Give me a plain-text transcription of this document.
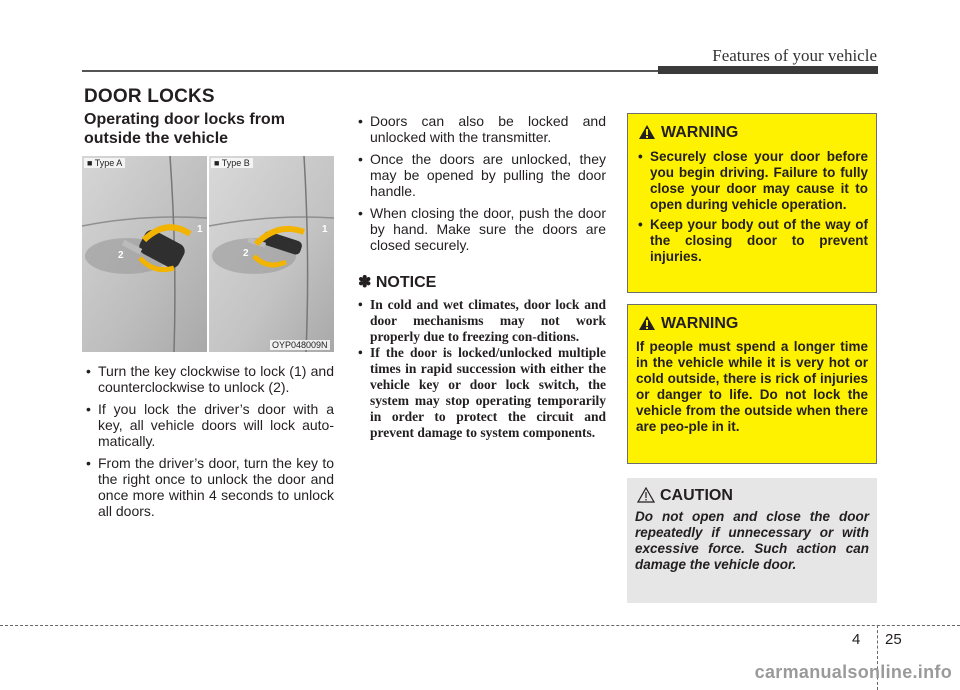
Features of your vehicle
DOOR LOCKS
Operating door locks from outside the vehicle
1
2
1
2
■ Type A	■ Type B
OYP048009N
• Turn the key clockwise to lock (1) and counterclockwise to unlock (2).
• If you lock the driver’s door with a key, all vehicle doors will lock auto-matically.
• From the driver’s door, turn the key to the right once to unlock the door and once more within 4 seconds to unlock all doors.
• Doors can also be locked and unlocked with the transmitter.
• Once the doors are unlocked, they may be opened by pulling the door handle.
• When closing the door, push the door by hand. Make sure the doors are closed securely.
✽ NOTICE
• In cold and wet climates, door lock and door mechanisms may not work properly due to freezing con-ditions.
• If the door is locked/unlocked multiple times in rapid succession with either the vehicle key or door lock switch, the system may stop operating temporarily in order to protect the circuit and prevent damage to system components.
WARNING
• Securely close your door before you begin driving. Failure to fully close your door may cause it to open during vehicle operation.
• Keep your body out of the way of the closing door to prevent injuries.
WARNING
If people must spend a longer time in the vehicle while it is very hot or cold outside, there is rick of injuries or danger to life. Do not lock the vehicle from the outside when there are peo-ple in it.
CAUTION
Do not open and close the door repeatedly if unnecessary or with excessive force. Such action can damage the vehicle door.
4 25
carmanualsonline.info
